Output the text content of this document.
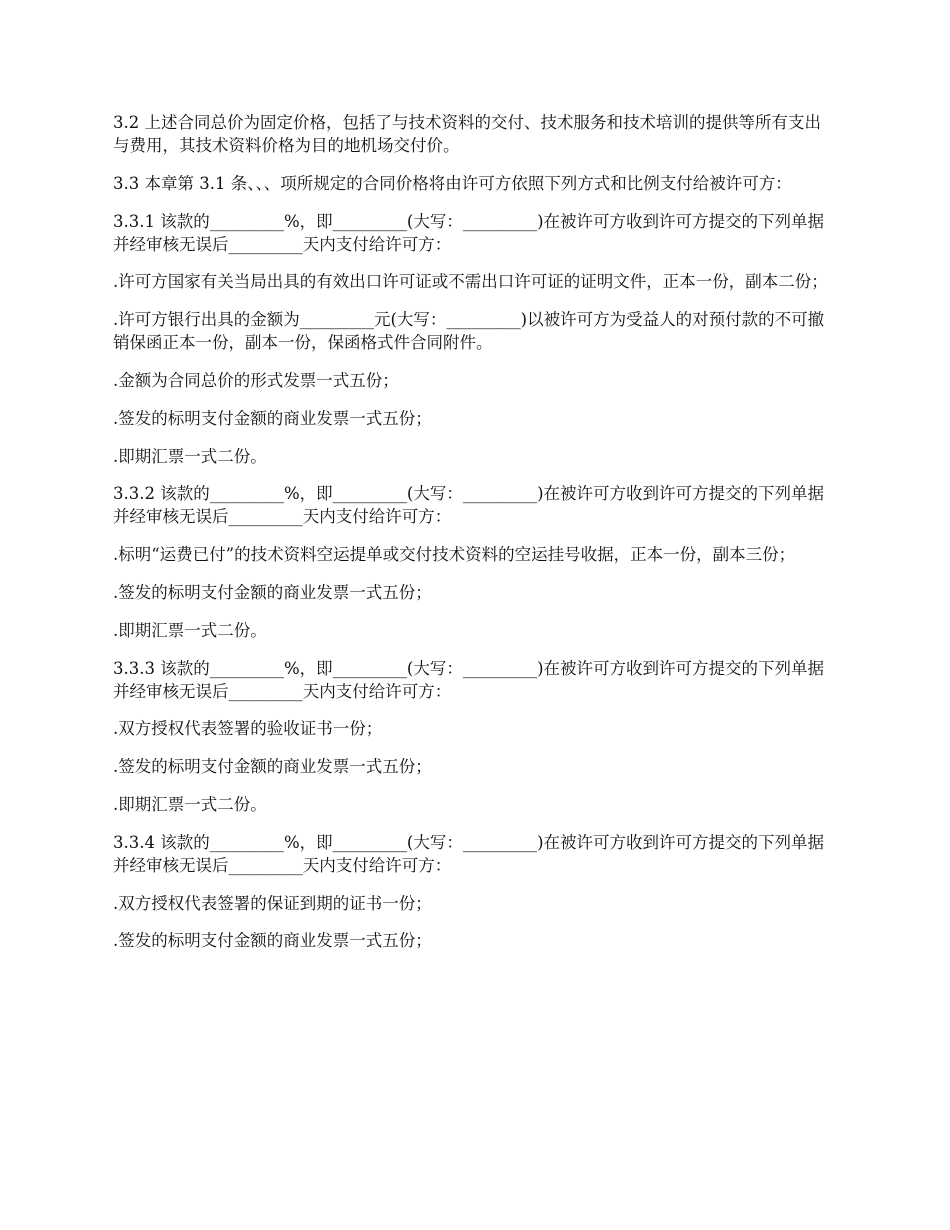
3.2 上述合同总价为固定价格，包括了与技术资料的交付、技术服务和技术培训的提供等所有支出与费用，其技术资料价格为目的地机场交付价。

3.3 本章第 3.1 条、、、项所规定的合同价格将由许可方依照下列方式和比例支付给被许可方：

3.3.1 该款的_________%，即_________(大写：_________)在被许可方收到许可方提交的下列单据并经审核无误后_________天内支付给许可方：

.许可方国家有关当局出具的有效出口许可证或不需出口许可证的证明文件，正本一份，副本二份；

.许可方银行出具的金额为_________元(大写：_________)以被许可方为受益人的对预付款的不可撤销保函正本一份，副本一份，保函格式件合同附件。

.金额为合同总价的形式发票一式五份；

.签发的标明支付金额的商业发票一式五份；

.即期汇票一式二份。

3.3.2 该款的_________%，即_________(大写：_________)在被许可方收到许可方提交的下列单据并经审核无误后_________天内支付给许可方：

.标明“运费已付”的技术资料空运提单或交付技术资料的空运挂号收据，正本一份，副本三份；

.签发的标明支付金额的商业发票一式五份；

.即期汇票一式二份。

3.3.3 该款的_________%，即_________(大写：_________)在被许可方收到许可方提交的下列单据并经审核无误后_________天内支付给许可方：

.双方授权代表签署的验收证书一份；

.签发的标明支付金额的商业发票一式五份；

.即期汇票一式二份。

3.3.4 该款的_________%，即_________(大写：_________)在被许可方收到许可方提交的下列单据并经审核无误后_________天内支付给许可方：

.双方授权代表签署的保证到期的证书一份；

.签发的标明支付金额的商业发票一式五份；
